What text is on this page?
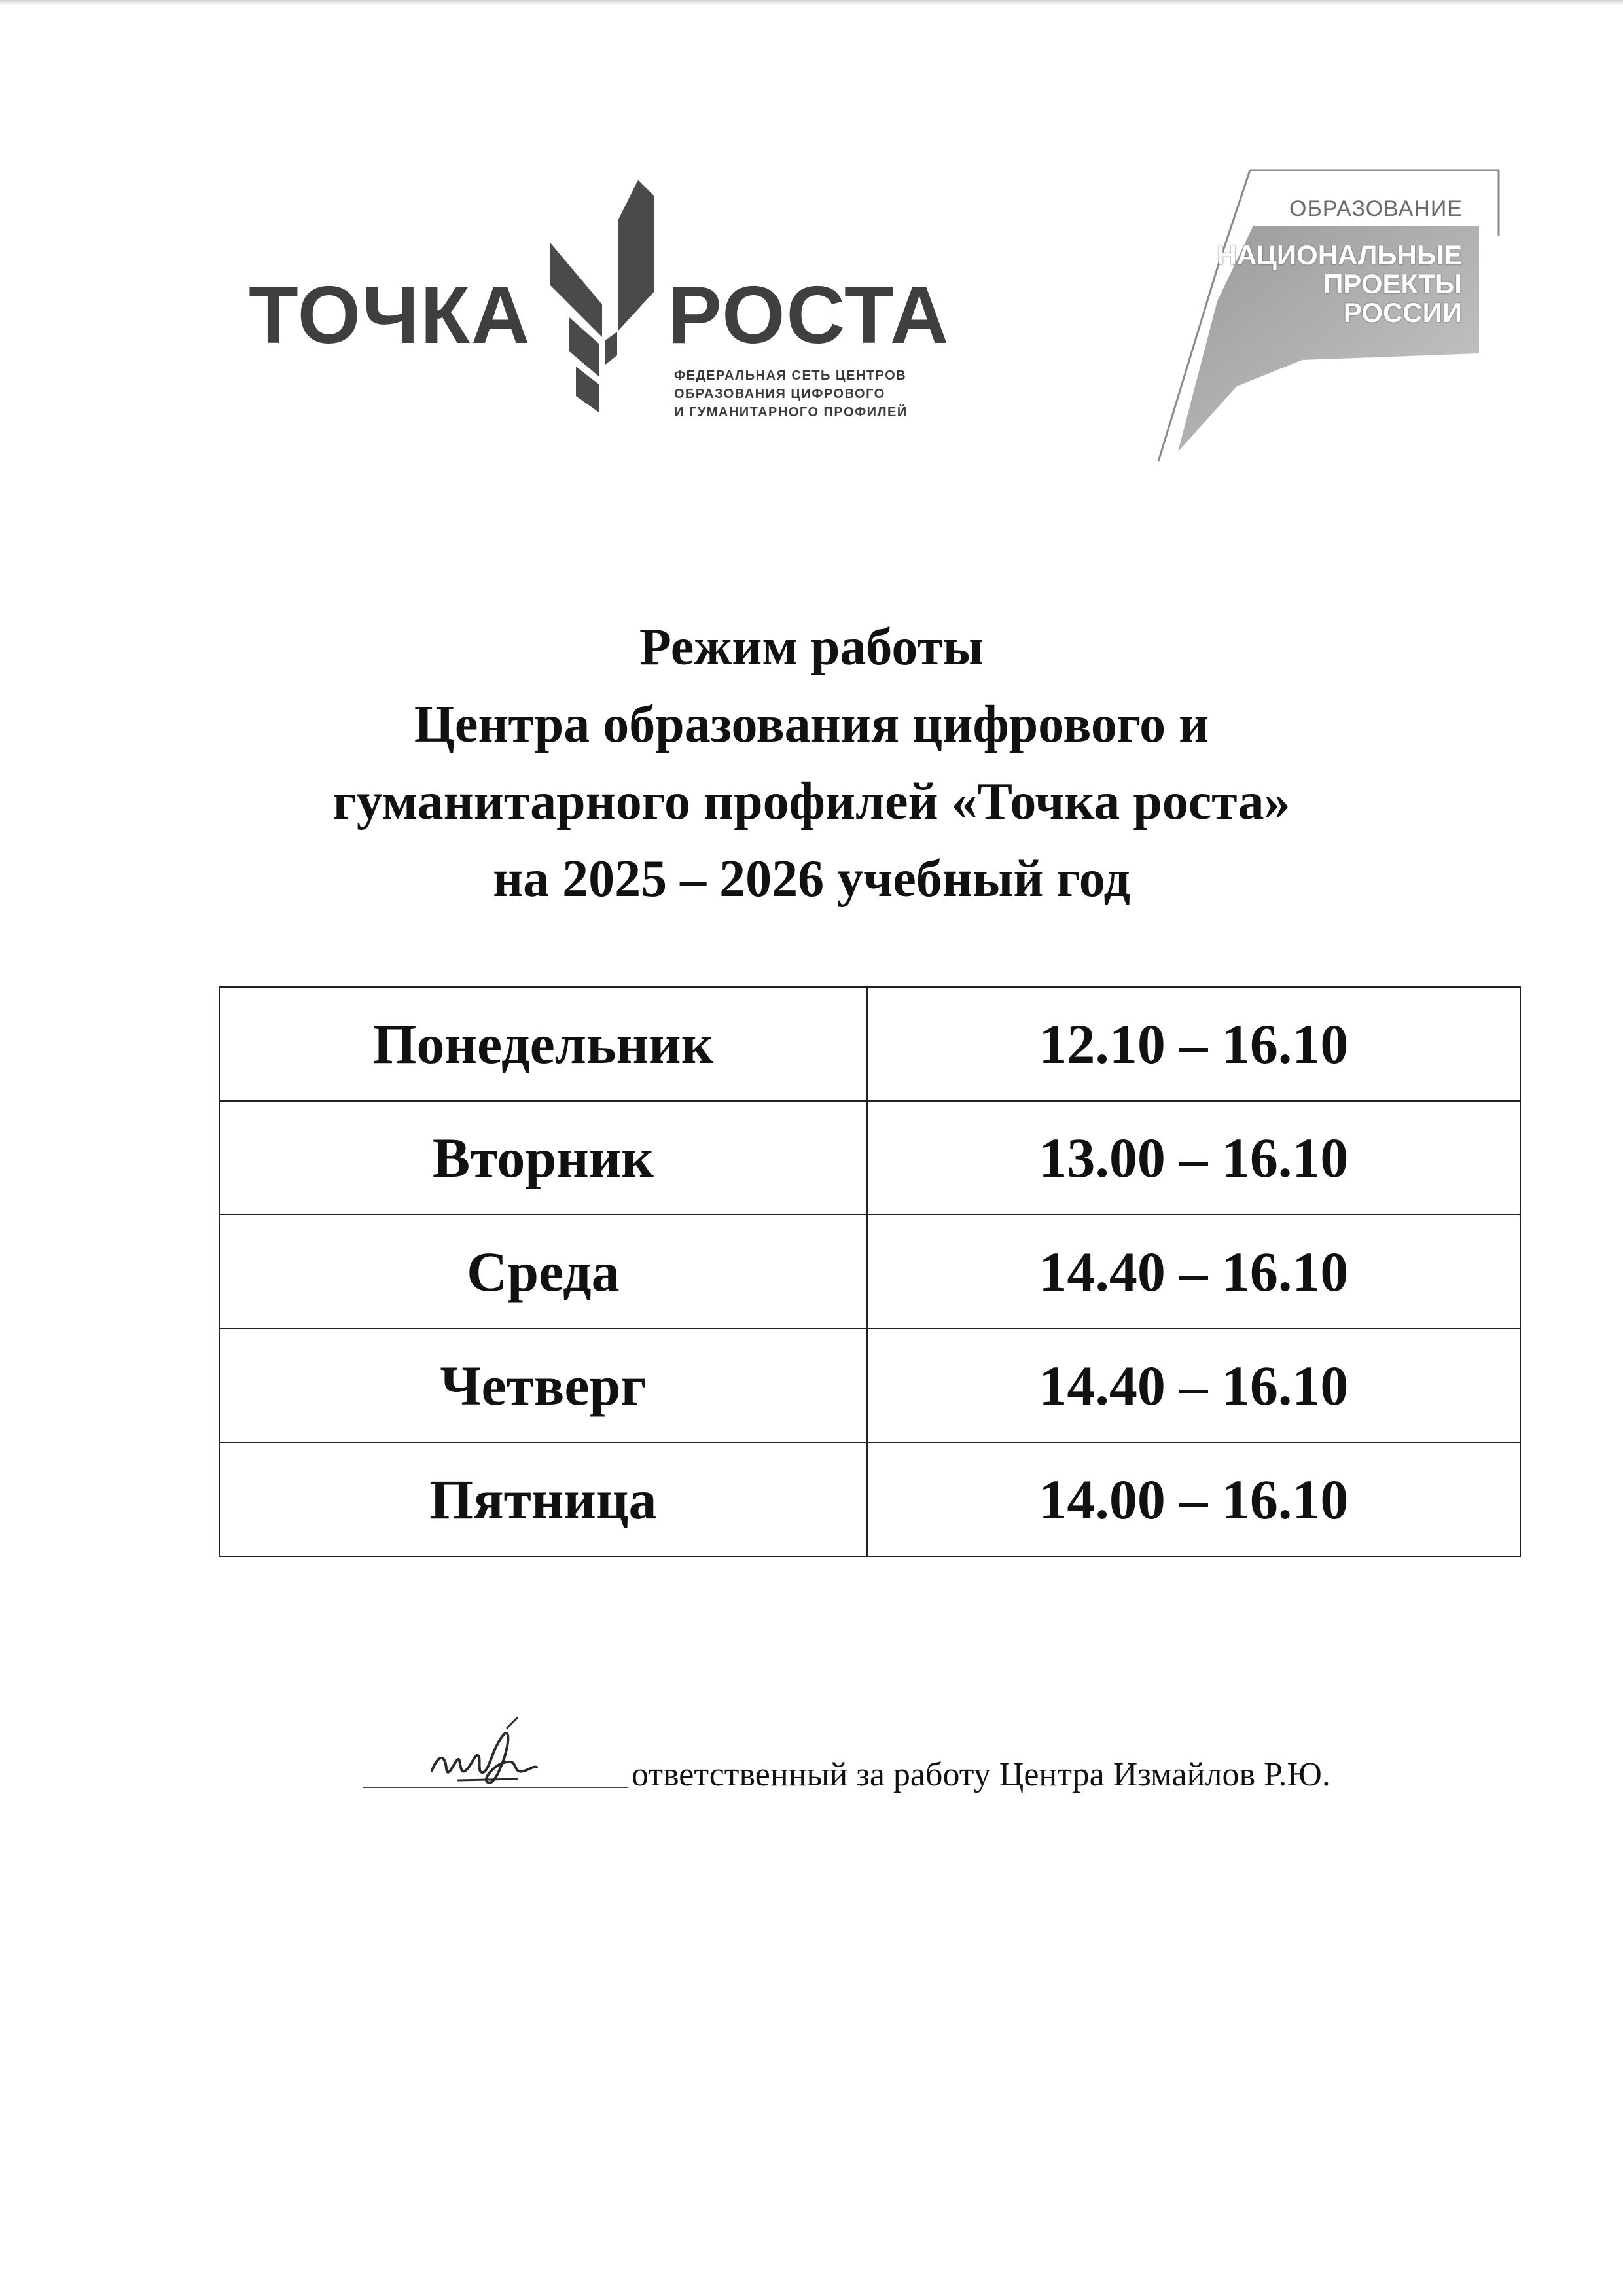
ТОЧКА РОСТА
ФЕДЕРАЛЬНАЯ СЕТЬ ЦЕНТРОВ
ОБРАЗОВАНИЯ ЦИФРОВОГО
И ГУМАНИТАРНОГО ПРОФИЛЕЙ
ОБРАЗОВАНИЕ
НАЦИОНАЛЬНЫЕ
ПРОЕКТЫ
РОССИИ
Режим работы
Центра образования цифрового и
гуманитарного профилей «Точка роста»
на 2025 – 2026 учебный год
Понедельник	12.10 – 16.10
Вторник	13.00 – 16.10
Среда	14.40 – 16.10
Четверг	14.40 – 16.10
Пятница	14.00 – 16.10
ответственный за работу Центра Измайлов Р.Ю.
